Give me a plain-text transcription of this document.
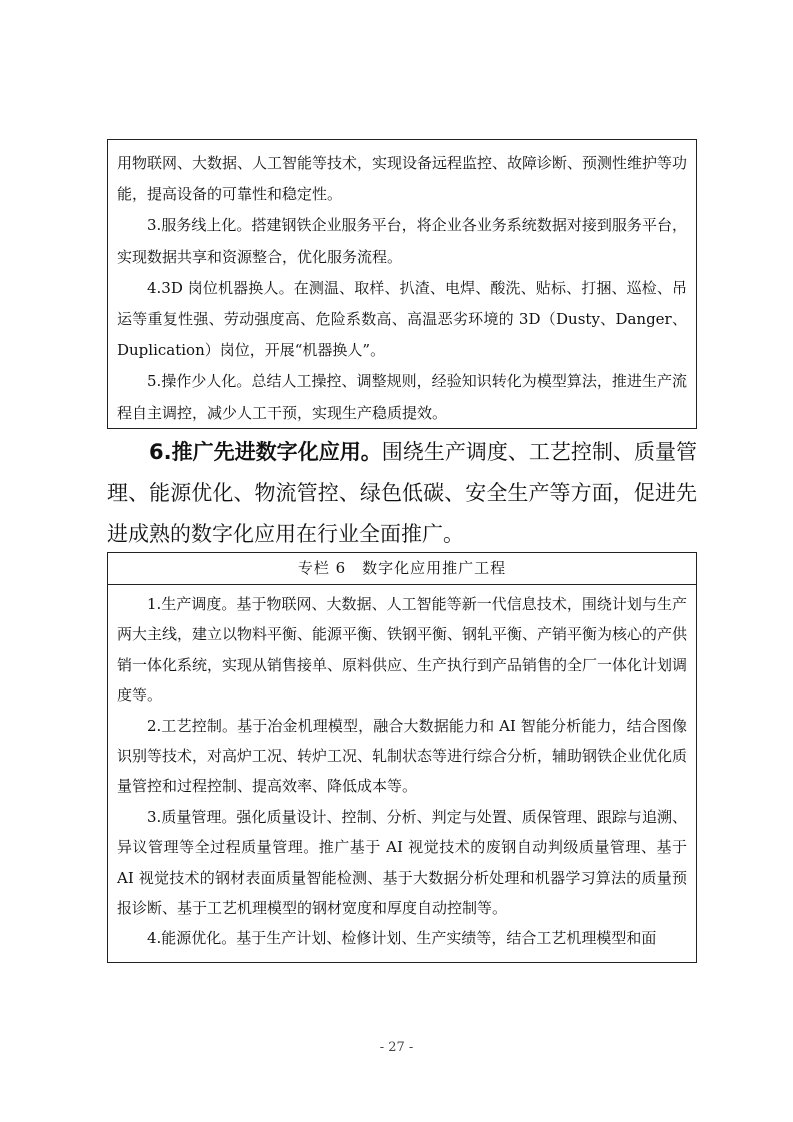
用物联网、大数据、人工智能等技术，实现设备远程监控、故障诊断、预测性维护等功能，提高设备的可靠性和稳定性。

3.服务线上化。搭建钢铁企业服务平台，将企业各业务系统数据对接到服务平台，实现数据共享和资源整合，优化服务流程。

4.3D 岗位机器换人。在测温、取样、扒渣、电焊、酸洗、贴标、打捆、巡检、吊运等重复性强、劳动强度高、危险系数高、高温恶劣环境的 3D（Dusty、Danger、Duplication）岗位，开展“机器换人”。

5.操作少人化。总结人工操控、调整规则，经验知识转化为模型算法，推进生产流程自主调控，减少人工干预，实现生产稳质提效。

6.推广先进数字化应用。围绕生产调度、工艺控制、质量管理、能源优化、物流管控、绿色低碳、安全生产等方面，促进先进成熟的数字化应用在行业全面推广。

专栏 6　数字化应用推广工程

1.生产调度。基于物联网、大数据、人工智能等新一代信息技术，围绕计划与生产两大主线，建立以物料平衡、能源平衡、铁钢平衡、钢轧平衡、产销平衡为核心的产供销一体化系统，实现从销售接单、原料供应、生产执行到产品销售的全厂一体化计划调度等。

2.工艺控制。基于冶金机理模型，融合大数据能力和 AI 智能分析能力，结合图像识别等技术，对高炉工况、转炉工况、轧制状态等进行综合分析，辅助钢铁企业优化质量管控和过程控制、提高效率、降低成本等。

3.质量管理。强化质量设计、控制、分析、判定与处置、质保管理、跟踪与追溯、异议管理等全过程质量管理。推广基于 AI 视觉技术的废钢自动判级质量管理、基于 AI 视觉技术的钢材表面质量智能检测、基于大数据分析处理和机器学习算法的质量预报诊断、基于工艺机理模型的钢材宽度和厚度自动控制等。

4.能源优化。基于生产计划、检修计划、生产实绩等，结合工艺机理模型和面

- 27 -
